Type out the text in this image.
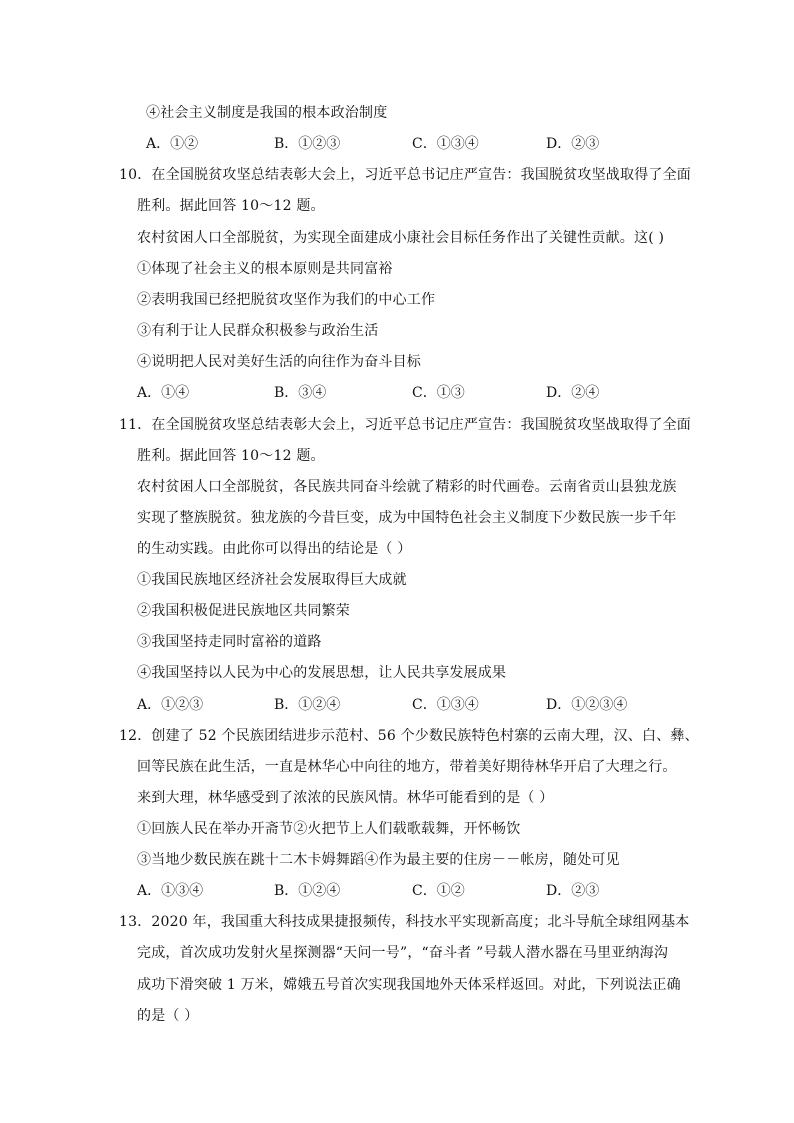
④社会主义制度是我国的根本政治制度
A．①②	B．①②③	C．①③④	D．②③
10．在全国脱贫攻坚总结表彰大会上，习近平总书记庄严宣告：我国脱贫攻坚战取得了全面
胜利。据此回答 10～12 题。
农村贫困人口全部脱贫，为实现全面建成小康社会目标任务作出了关键性贡献。这( )
①体现了社会主义的根本原则是共同富裕
②表明我国已经把脱贫攻坚作为我们的中心工作
③有利于让人民群众积极参与政治生活
④说明把人民对美好生活的向往作为奋斗目标
A．①④	B．③④	C．①③	D．②④
11．在全国脱贫攻坚总结表彰大会上，习近平总书记庄严宣告：我国脱贫攻坚战取得了全面
胜利。据此回答 10～12 题。
农村贫困人口全部脱贫，各民族共同奋斗绘就了精彩的时代画卷。云南省贡山县独龙族
实现了整族脱贫。独龙族的今昔巨变，成为中国特色社会主义制度下少数民族一步千年
的生动实践。由此你可以得出的结论是（ ）
①我国民族地区经济社会发展取得巨大成就
②我国积极促进民族地区共同繁荣
③我国坚持走同时富裕的道路
④我国坚持以人民为中心的发展思想，让人民共享发展成果
A．①②③	B．①②④	C．①③④	D．①②③④
12．创建了 52 个民族团结进步示范村、56 个少数民族特色村寨的云南大理，汉、白、彝、
回等民族在此生活，一直是林华心中向往的地方，带着美好期待林华开启了大理之行。
来到大理，林华感受到了浓浓的民族风情。林华可能看到的是（ ）
①回族人民在举办开斋节②火把节上人们载歌载舞，开怀畅饮
③当地少数民族在跳十二木卡姆舞蹈④作为最主要的住房－－帐房，随处可见
A．①③④	B．①②④	C．①②	D．②③
13．2020 年，我国重大科技成果捷报频传，科技水平实现新高度；北斗导航全球组网基本
完成，首次成功发射火星探测器“天问一号”，“奋斗者 ”号载人潜水器在马里亚纳海沟
成功下滑突破 1 万米，嫦娥五号首次实现我国地外天体采样返回。对此，下列说法正确
的是（ ）
